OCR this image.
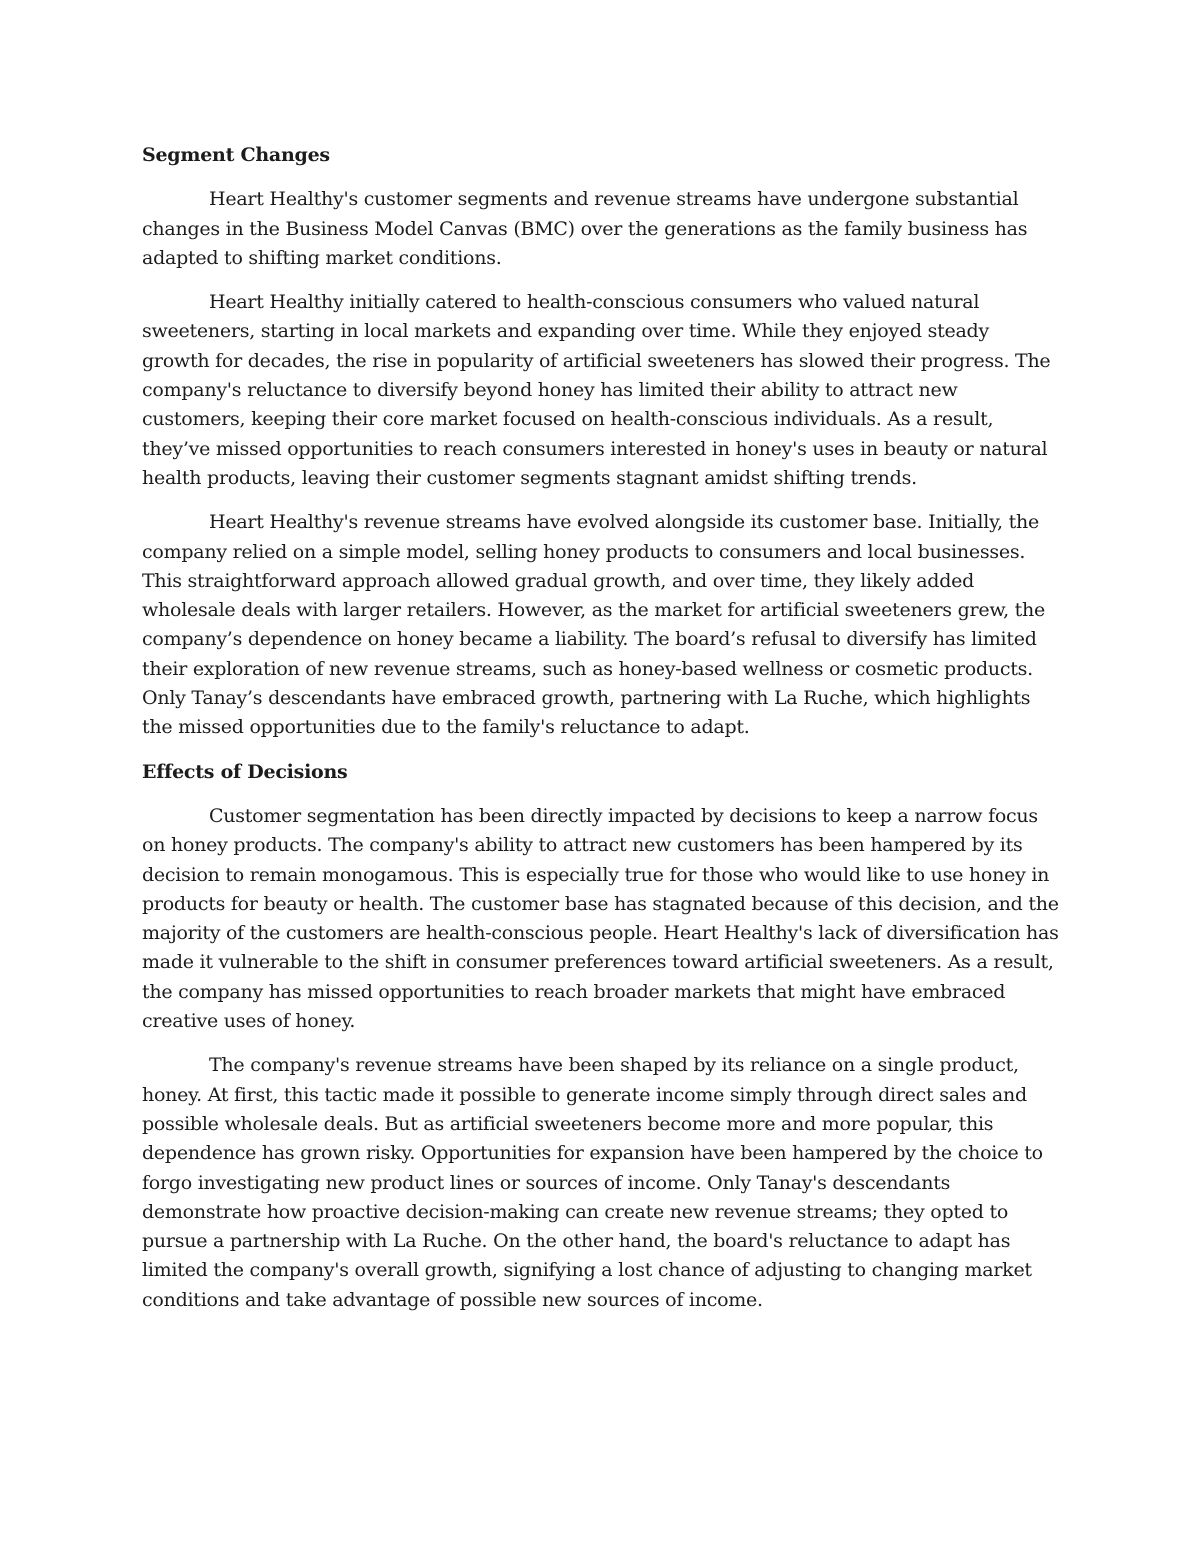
Segment Changes

Heart Healthy's customer segments and revenue streams have undergone substantial changes in the Business Model Canvas (BMC) over the generations as the family business has adapted to shifting market conditions.

Heart Healthy initially catered to health-conscious consumers who valued natural sweeteners, starting in local markets and expanding over time. While they enjoyed steady growth for decades, the rise in popularity of artificial sweeteners has slowed their progress. The company's reluctance to diversify beyond honey has limited their ability to attract new customers, keeping their core market focused on health-conscious individuals. As a result, they’ve missed opportunities to reach consumers interested in honey's uses in beauty or natural health products, leaving their customer segments stagnant amidst shifting trends.

Heart Healthy's revenue streams have evolved alongside its customer base. Initially, the company relied on a simple model, selling honey products to consumers and local businesses. This straightforward approach allowed gradual growth, and over time, they likely added wholesale deals with larger retailers. However, as the market for artificial sweeteners grew, the company’s dependence on honey became a liability. The board’s refusal to diversify has limited their exploration of new revenue streams, such as honey-based wellness or cosmetic products. Only Tanay’s descendants have embraced growth, partnering with La Ruche, which highlights the missed opportunities due to the family's reluctance to adapt.

Effects of Decisions

Customer segmentation has been directly impacted by decisions to keep a narrow focus on honey products. The company's ability to attract new customers has been hampered by its decision to remain monogamous. This is especially true for those who would like to use honey in products for beauty or health. The customer base has stagnated because of this decision, and the majority of the customers are health-conscious people. Heart Healthy's lack of diversification has made it vulnerable to the shift in consumer preferences toward artificial sweeteners. As a result, the company has missed opportunities to reach broader markets that might have embraced creative uses of honey.

The company's revenue streams have been shaped by its reliance on a single product, honey. At first, this tactic made it possible to generate income simply through direct sales and possible wholesale deals. But as artificial sweeteners become more and more popular, this dependence has grown risky. Opportunities for expansion have been hampered by the choice to forgo investigating new product lines or sources of income. Only Tanay's descendants demonstrate how proactive decision-making can create new revenue streams; they opted to pursue a partnership with La Ruche. On the other hand, the board's reluctance to adapt has limited the company's overall growth, signifying a lost chance of adjusting to changing market conditions and take advantage of possible new sources of income.
